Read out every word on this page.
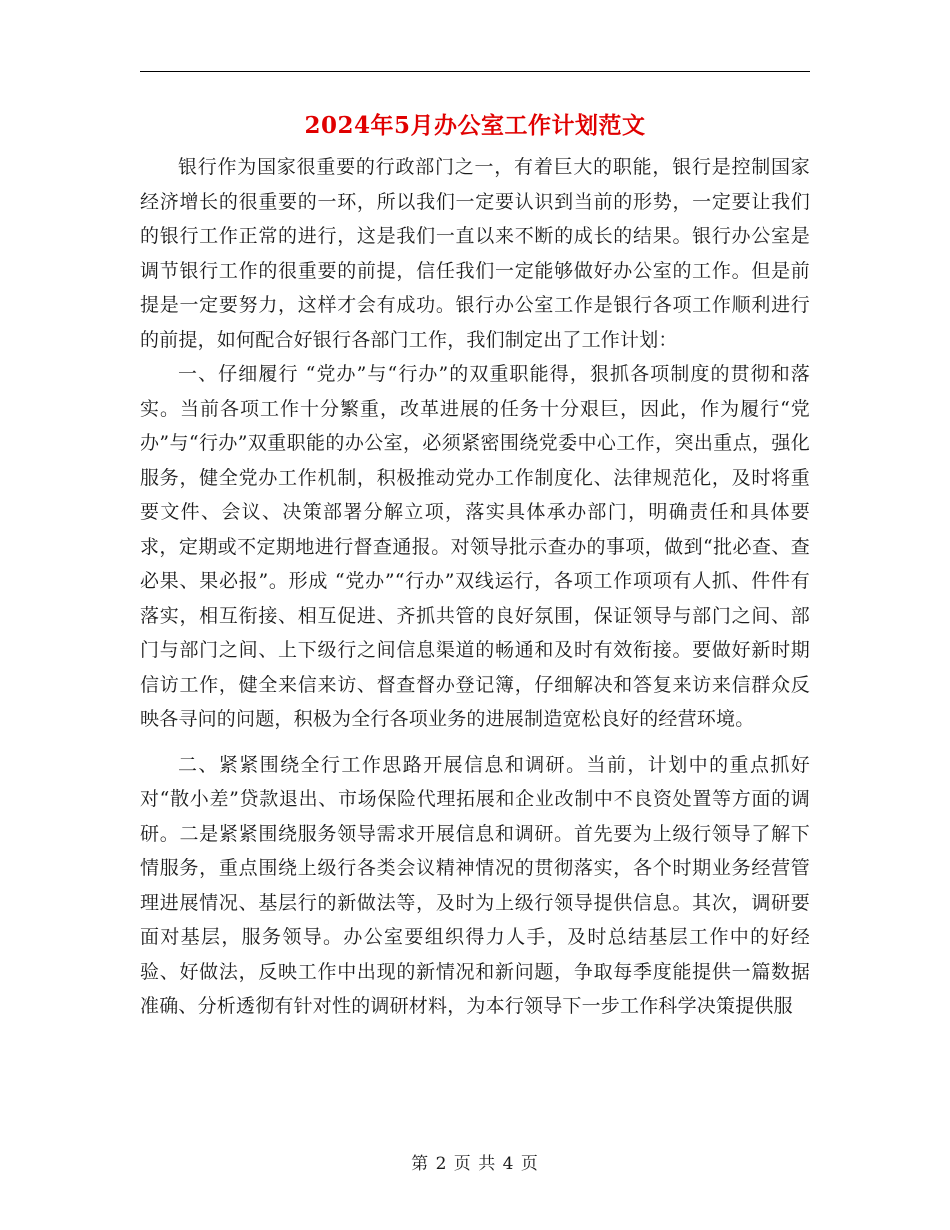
2024年5月办公室工作计划范文

银行作为国家很重要的行政部门之一，有着巨大的职能，银行是控制国家经济增长的很重要的一环，所以我们一定要认识到当前的形势，一定要让我们的银行工作正常的进行，这是我们一直以来不断的成长的结果。银行办公室是调节银行工作的很重要的前提，信任我们一定能够做好办公室的工作。但是前提是一定要努力，这样才会有成功。银行办公室工作是银行各项工作顺利进行的前提，如何配合好银行各部门工作，我们制定出了工作计划：

一、仔细履行 “党办”与“行办”的双重职能得，狠抓各项制度的贯彻和落实。当前各项工作十分繁重，改革进展的任务十分艰巨，因此，作为履行“党办”与“行办”双重职能的办公室，必须紧密围绕党委中心工作，突出重点，强化服务，健全党办工作机制，积极推动党办工作制度化、法律规范化，及时将重要文件、会议、决策部署分解立项，落实具体承办部门，明确责任和具体要求，定期或不定期地进行督查通报。对领导批示查办的事项，做到“批必查、查必果、果必报”。形成 “党办”“行办”双线运行，各项工作项项有人抓、件件有落实，相互衔接、相互促进、齐抓共管的良好氛围，保证领导与部门之间、部门与部门之间、上下级行之间信息渠道的畅通和及时有效衔接。要做好新时期信访工作，健全来信来访、督查督办登记簿，仔细解决和答复来访来信群众反映各寻问的问题，积极为全行各项业务的进展制造宽松良好的经营环境。

二、紧紧围绕全行工作思路开展信息和调研。当前，计划中的重点抓好对“散小差”贷款退出、市场保险代理拓展和企业改制中不良资处置等方面的调研。二是紧紧围绕服务领导需求开展信息和调研。首先要为上级行领导了解下情服务，重点围绕上级行各类会议精神情况的贯彻落实，各个时期业务经营管理进展情况、基层行的新做法等，及时为上级行领导提供信息。其次，调研要面对基层，服务领导。办公室要组织得力人手，及时总结基层工作中的好经验、好做法，反映工作中出现的新情况和新问题，争取每季度能提供一篇数据准确、分析透彻有针对性的调研材料，为本行领导下一步工作科学决策提供服

第 2 页 共 4 页
